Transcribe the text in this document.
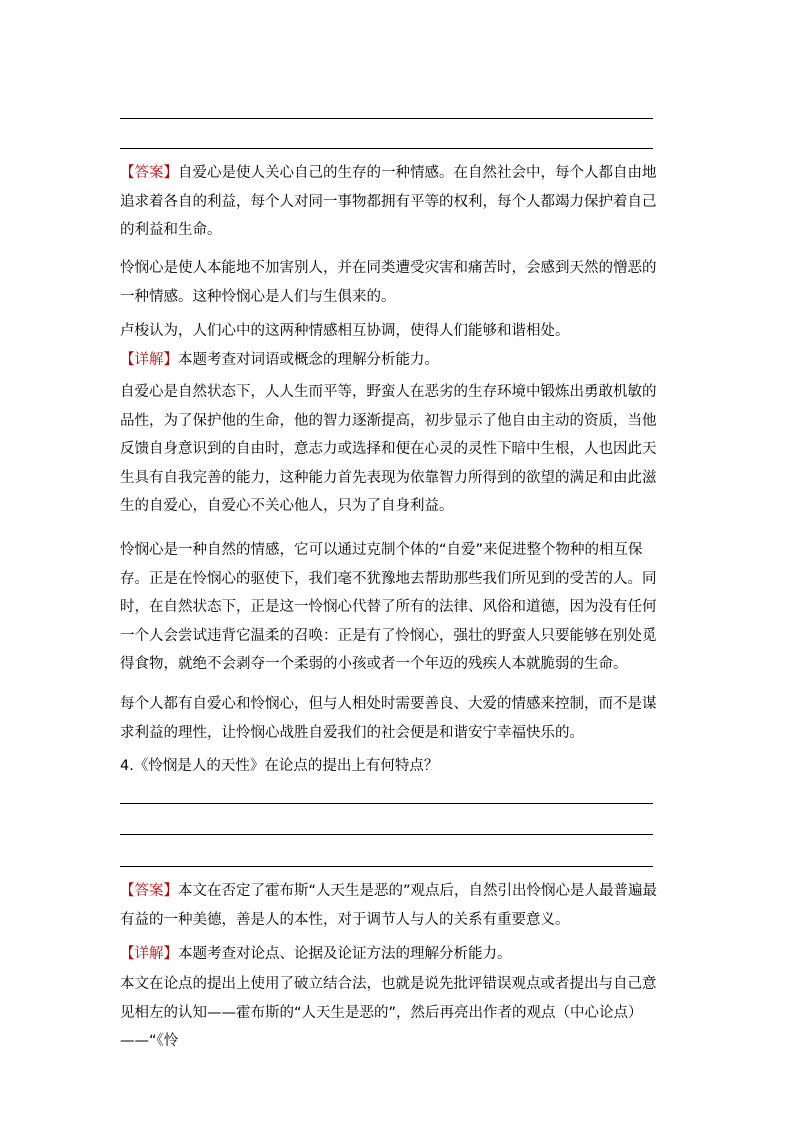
【答案】自爱心是使人关心自己的生存的一种情感。在自然社会中，每个人都自由地追求着各自的利益，每个人对同一事物都拥有平等的权利，每个人都竭力保护着自己的利益和生命。

怜悯心是使人本能地不加害别人，并在同类遭受灾害和痛苦时，会感到天然的憎恶的一种情感。这种怜悯心是人们与生俱来的。

卢梭认为，人们心中的这两种情感相互协调，使得人们能够和谐相处。

【详解】本题考查对词语或概念的理解分析能力。

自爱心是自然状态下，人人生而平等，野蛮人在恶劣的生存环境中锻炼出勇敢机敏的品性，为了保护他的生命，他的智力逐渐提高，初步显示了他自由主动的资质，当他反馈自身意识到的自由时，意志力或选择和便在心灵的灵性下暗中生根，人也因此天生具有自我完善的能力，这种能力首先表现为依靠智力所得到的欲望的满足和由此滋生的自爱心，自爱心不关心他人，只为了自身利益。

怜悯心是一种自然的情感，它可以通过克制个体的“自爱”来促进整个物种的相互保存。正是在怜悯心的驱使下，我们毫不犹豫地去帮助那些我们所见到的受苦的人。同时，在自然状态下，正是这一怜悯心代替了所有的法律、风俗和道德，因为没有任何一个人会尝试违背它温柔的召唤：正是有了怜悯心，强壮的野蛮人只要能够在别处觅得食物，就绝不会剥夺一个柔弱的小孩或者一个年迈的残疾人本就脆弱的生命。

每个人都有自爱心和怜悯心，但与人相处时需要善良、大爱的情感来控制，而不是谋求利益的理性，让怜悯心战胜自爱我们的社会便是和谐安宁幸福快乐的。

4.《怜悯是人的天性》在论点的提出上有何特点？

【答案】本文在否定了霍布斯“人天生是恶的”观点后，自然引出怜悯心是人最普遍最有益的一种美德，善是人的本性，对于调节人与人的关系有重要意义。

【详解】本题考查对论点、论据及论证方法的理解分析能力。

本文在论点的提出上使用了破立结合法，也就是说先批评错误观点或者提出与自己意见相左的认知——霍布斯的“人天生是恶的”，然后再亮出作者的观点（中心论点）——“《怜
